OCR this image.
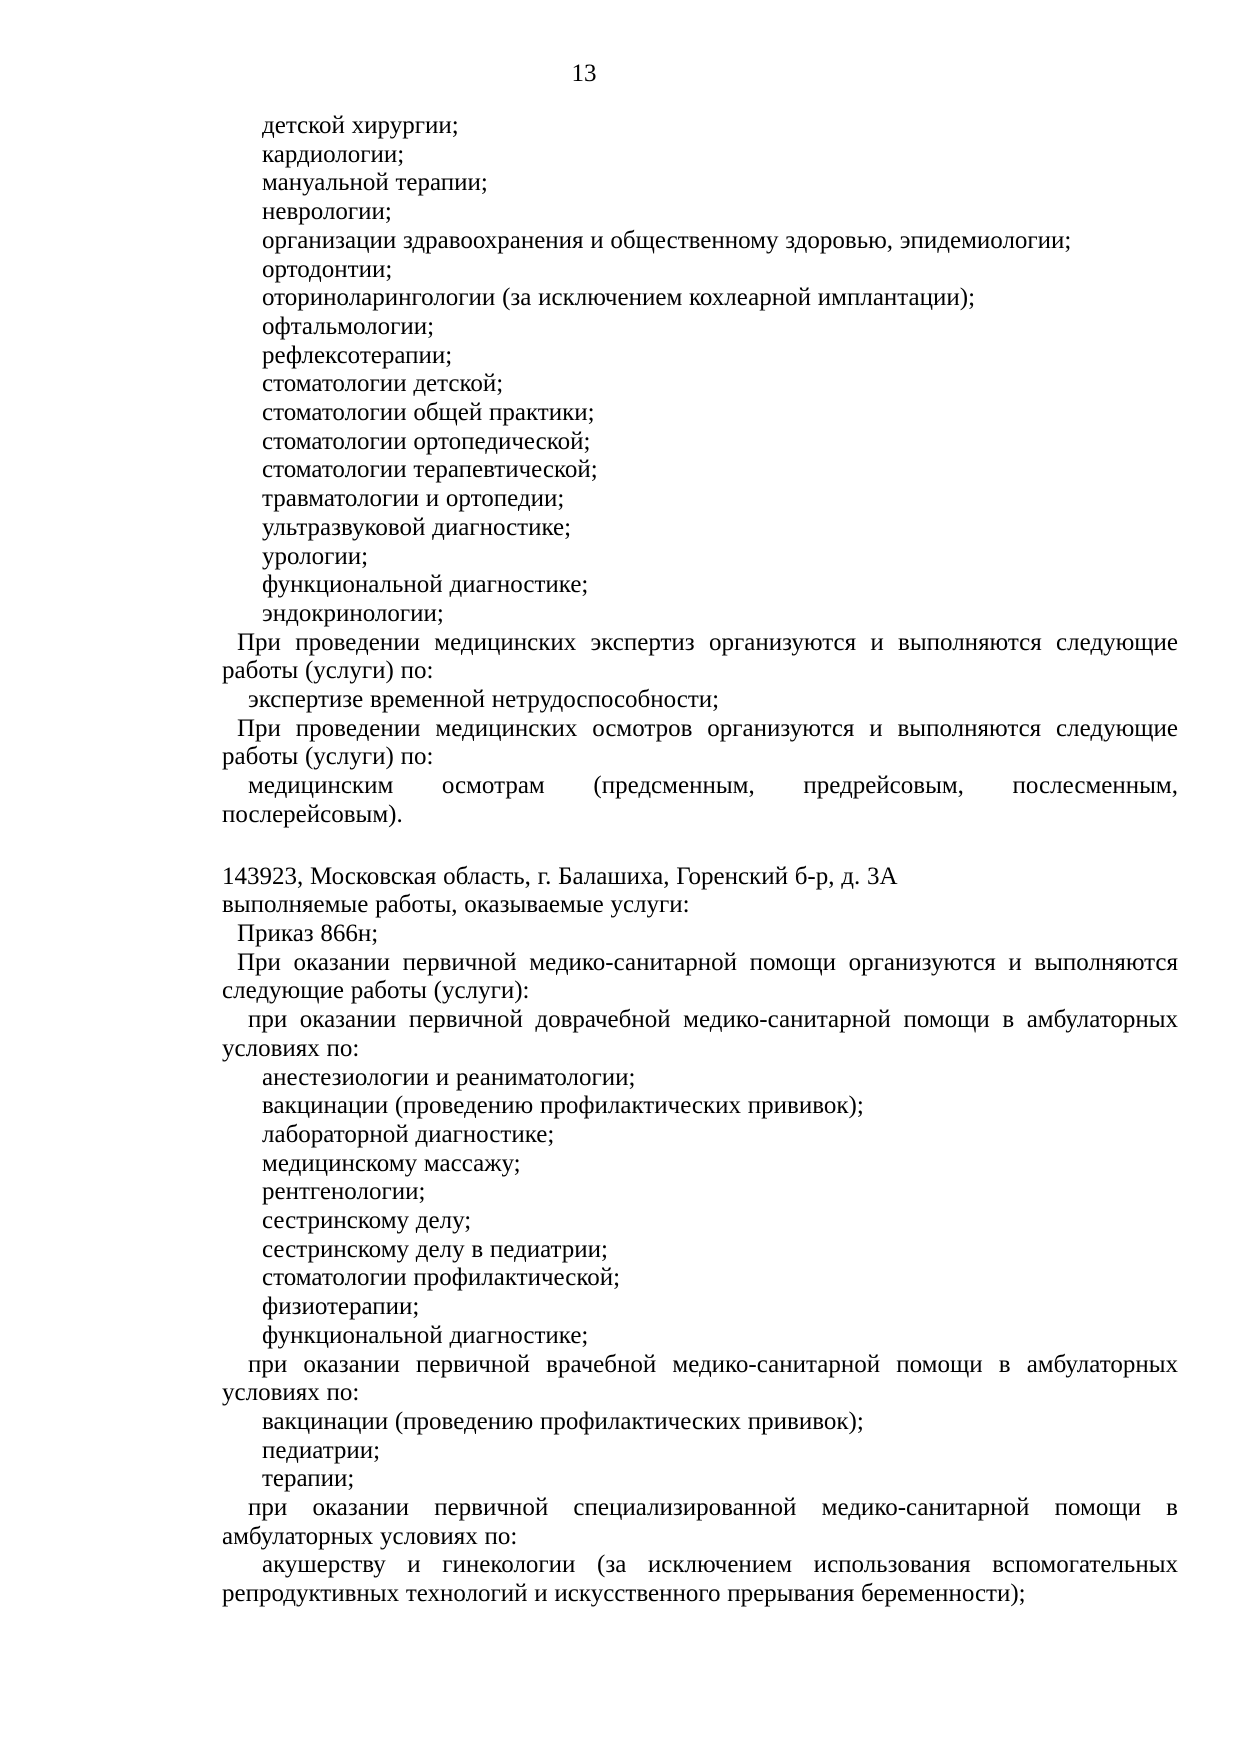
13
детской хирургии;
кардиологии;
мануальной терапии;
неврологии;
организации здравоохранения и общественному здоровью, эпидемиологии;
ортодонтии;
оториноларингологии (за исключением кохлеарной имплантации);
офтальмологии;
рефлексотерапии;
стоматологии детской;
стоматологии общей практики;
стоматологии ортопедической;
стоматологии терапевтической;
травматологии и ортопедии;
ультразвуковой диагностике;
урологии;
функциональной диагностике;
эндокринологии;
При проведении медицинских экспертиз организуются и выполняются следующие
работы (услуги) по:
экспертизе временной нетрудоспособности;
При проведении медицинских осмотров организуются и выполняются следующие
работы (услуги) по:
медицинским осмотрам (предсменным, предрейсовым, послесменным,
послерейсовым).
143923, Московская область, г. Балашиха, Горенский б-р, д. 3А
выполняемые работы, оказываемые услуги:
Приказ 866н;
При оказании первичной медико-санитарной помощи организуются и выполняются
следующие работы (услуги):
при оказании первичной доврачебной медико-санитарной помощи в амбулаторных
условиях по:
анестезиологии и реаниматологии;
вакцинации (проведению профилактических прививок);
лабораторной диагностике;
медицинскому массажу;
рентгенологии;
сестринскому делу;
сестринскому делу в педиатрии;
стоматологии профилактической;
физиотерапии;
функциональной диагностике;
при оказании первичной врачебной медико-санитарной помощи в амбулаторных
условиях по:
вакцинации (проведению профилактических прививок);
педиатрии;
терапии;
при оказании первичной специализированной медико-санитарной помощи в
амбулаторных условиях по:
акушерству и гинекологии (за исключением использования вспомогательных
репродуктивных технологий и искусственного прерывания беременности);
